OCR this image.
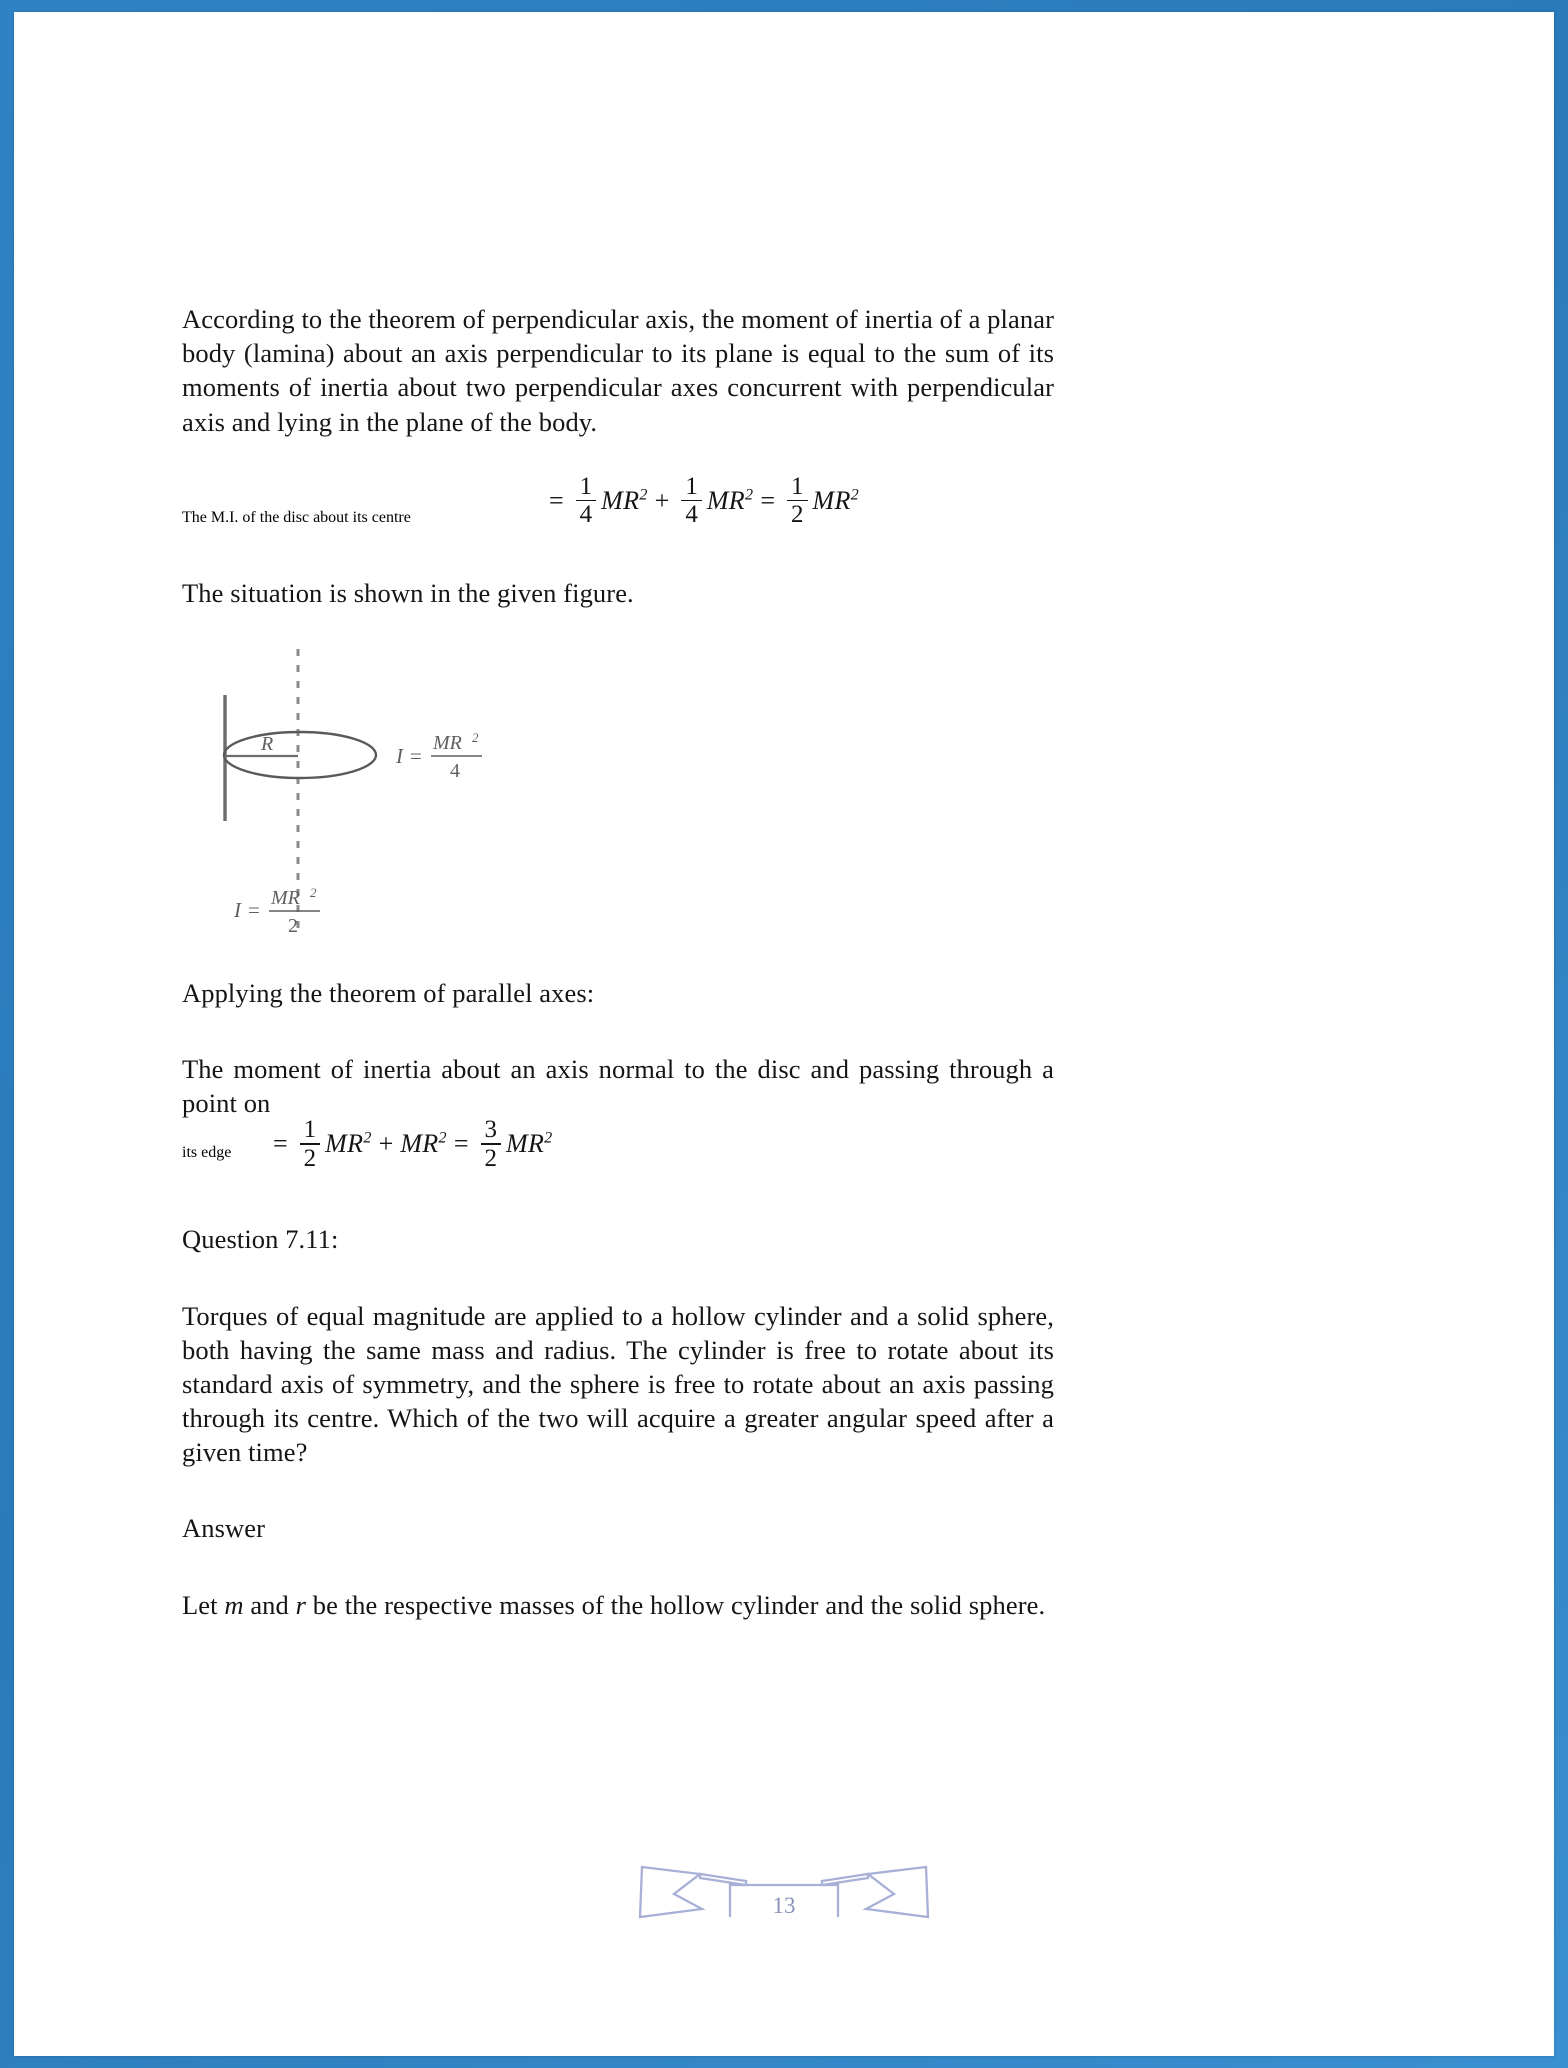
According to the theorem of perpendicular axis, the moment of inertia of a planar body (lamina) about an axis perpendicular to its plane is equal to the sum of its moments of inertia about two perpendicular axes concurrent with perpendicular axis and lying in the plane of the body.

The M.I. of the disc about its centre
= $\frac{1}{4} MR^2 + \frac{1}{4} MR^2 = \frac{1}{2} MR^2$

The situation is shown in the given figure.

R	I =
MR 2
4
I = MR 2
2

Applying the theorem of parallel axes:

The moment of inertia about an axis normal to the disc and passing through a point on

its edge = $\frac{1}{2} MR^2 + MR^2 = \frac{3}{2} MR^2$

Question 7.11:

Torques of equal magnitude are applied to a hollow cylinder and a solid sphere, both having the same mass and radius. The cylinder is free to rotate about its standard axis of symmetry, and the sphere is free to rotate about an axis passing through its centre. Which of the two will acquire a greater angular speed after a given time?

Answer

Let m and r be the respective masses of the hollow cylinder and the solid sphere.

13
